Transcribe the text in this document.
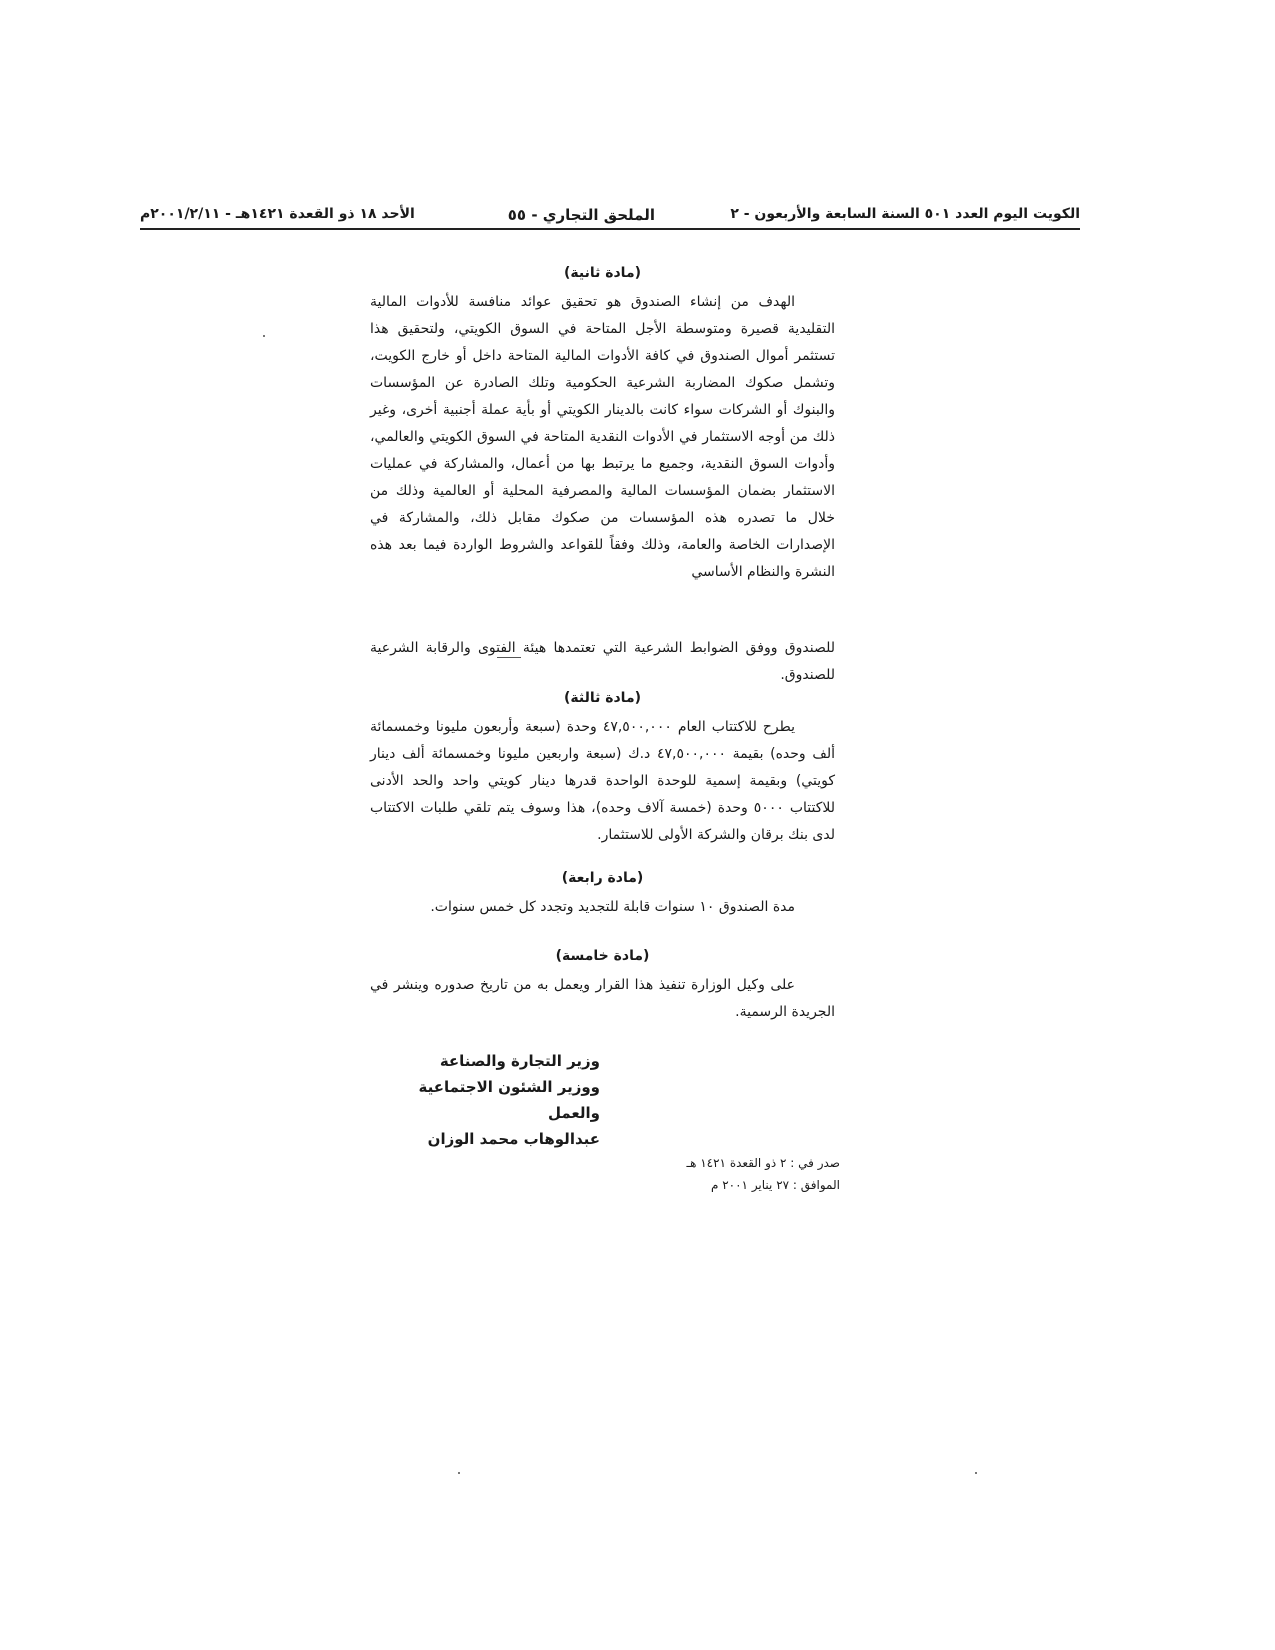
الكويت اليوم العدد ٥٠١ السنة السابعة والأربعون - ٢
الملحق التجاري - ٥٥
الأحد ١٨ ذو القعدة ١٤٢١هـ - ٢٠٠١/٢/١١م
(مادة ثانية)

الهدف من إنشاء الصندوق هو تحقيق عوائد منافسة للأدوات المالية التقليدية قصيرة ومتوسطة الأجل المتاحة في السوق الكويتي، ولتحقيق هذا تستثمر أموال الصندوق في كافة الأدوات المالية المتاحة داخل أو خارج الكويت، وتشمل صكوك المضاربة الشرعية الحكومية وتلك الصادرة عن المؤسسات والبنوك أو الشركات سواء كانت بالدينار الكويتي أو بأية عملة أجنبية أخرى، وغير ذلك من أوجه الاستثمار في الأدوات النقدية المتاحة في السوق الكويتي والعالمي، وأدوات السوق النقدية، وجميع ما يرتبط بها من أعمال، والمشاركة في عمليات الاستثمار بضمان المؤسسات المالية والمصرفية المحلية أو العالمية وذلك من خلال ما تصدره هذه المؤسسات من صكوك مقابل ذلك، والمشاركة في الإصدارات الخاصة والعامة، وذلك وفقاً للقواعد والشروط الواردة فيما بعد هذه النشرة والنظام الأساسي

للصندوق ووفق الضوابط الشرعية التي تعتمدها هيئة الفتوى والرقابة الشرعية للصندوق.

(مادة ثالثة)

يطرح للاكتتاب العام ٤٧,٥٠٠,٠٠٠ وحدة (سبعة وأربعون مليونا وخمسمائة ألف وحده) بقيمة ٤٧,٥٠٠,٠٠٠ د.ك (سبعة واربعين مليونا وخمسمائة ألف دينار كويتي) وبقيمة إسمية للوحدة الواحدة قدرها دينار كويتي واحد والحد الأدنى للاكتتاب ٥٠٠٠ وحدة (خمسة آلاف وحده)، هذا وسوف يتم تلقي طلبات الاكتتاب لدى بنك برقان والشركة الأولى للاستثمار.

(مادة رابعة)

مدة الصندوق ١٠ سنوات قابلة للتجديد وتجدد كل خمس سنوات.

(مادة خامسة)

على وكيل الوزارة تنفيذ هذا القرار ويعمل به من تاريخ صدوره وينشر في الجريدة الرسمية.

وزير التجارة والصناعة
ووزير الشئون الاجتماعية والعمل
عبدالوهاب محمد الوزان
صدر في : ٢ ذو القعدة ١٤٢١ هـ
الموافق : ٢٧ يناير ٢٠٠١ م
